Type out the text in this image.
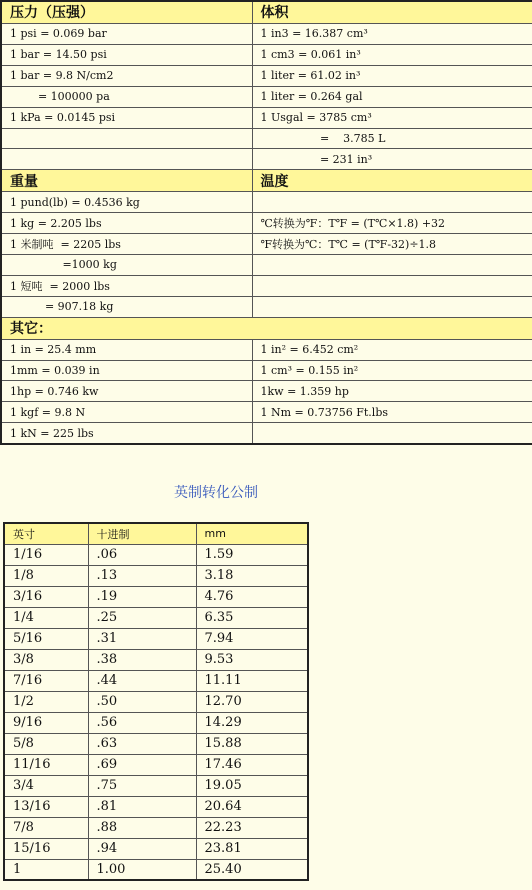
压力（压强）	体积
1 psi = 0.069 bar	1 in3 = 16.387 cm³
1 bar = 14.50 psi	1 cm3 = 0.061 in³
1 bar = 9.8 N/cm2	1 liter = 61.02 in³
= 100000 pa	1 liter = 0.264 gal
1 kPa = 0.0145 psi	1 Usgal = 3785 cm³
	=    3.785 L
	= 231 in³
重量	温度
1 pund(lb) = 0.4536 kg	
1 kg = 2.205 lbs	℃转换为℉：T℉ = (T℃×1.8) +32
1 米制吨  = 2205 lbs	℉转换为℃：T℃ = (T℉-32)÷1.8
=1000 kg	
1 短吨  = 2000 lbs	
= 907.18 kg	
其它：	
1 in = 25.4 mm	1 in² = 6.452 cm²
1mm = 0.039 in	1 cm³ = 0.155 in²
1hp = 0.746 kw	1kw = 1.359 hp
1 kgf = 9.8 N	1 Nm = 0.73756 Ft.lbs
1 kN = 225 lbs	
英制转化公制
英寸	十进制	mm
1/16	.06	1.59
1/8	.13	3.18
3/16	.19	4.76
1/4	.25	6.35
5/16	.31	7.94
3/8	.38	9.53
7/16	.44	11.11
1/2	.50	12.70
9/16	.56	14.29
5/8	.63	15.88
11/16	.69	17.46
3/4	.75	19.05
13/16	.81	20.64
7/8	.88	22.23
15/16	.94	23.81
1	1.00	25.40
